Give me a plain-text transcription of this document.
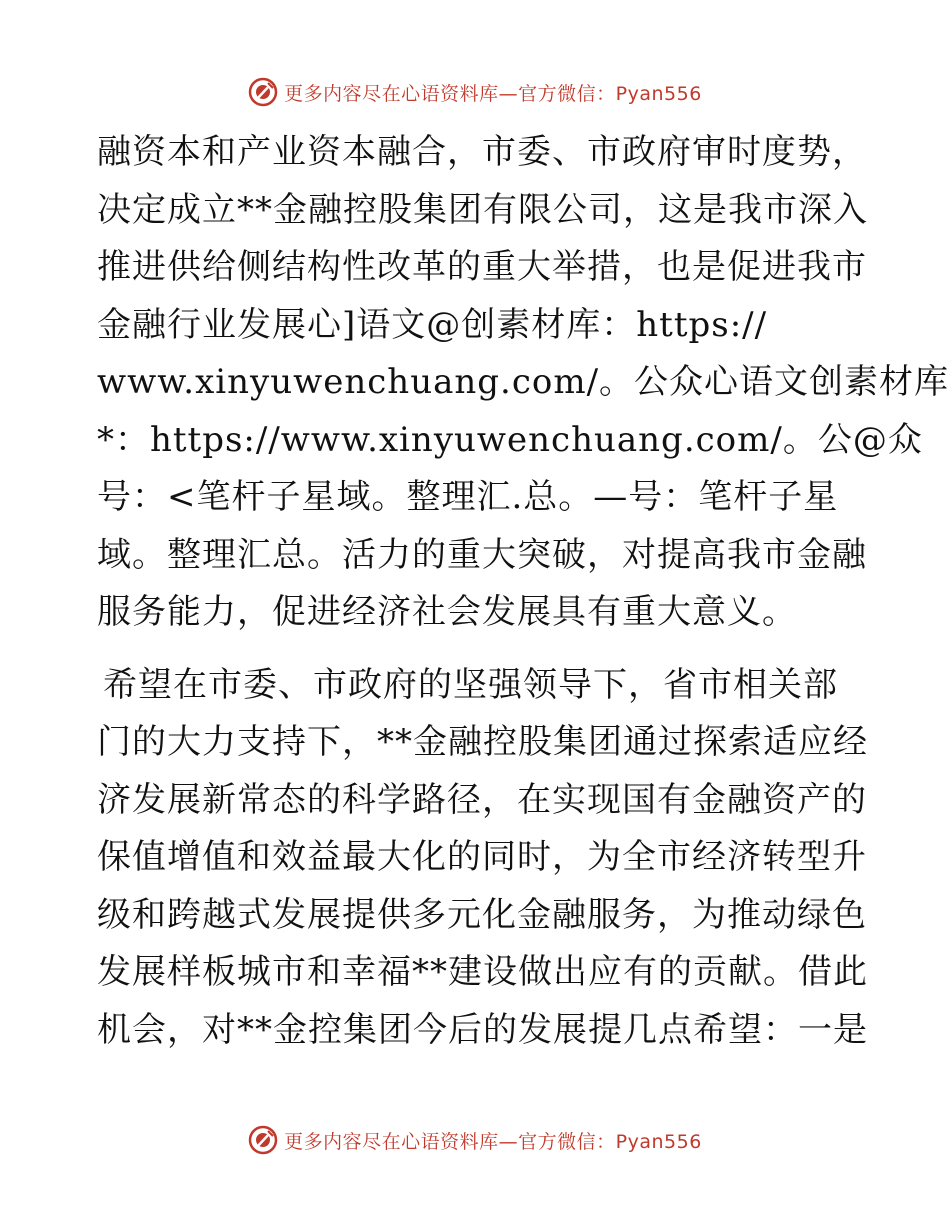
更多内容尽在心语资料库—官方微信：Pyan556
融资本和产业资本融合，市委、市政府审时度势，
决定成立**金融控股集团有限公司，这是我市深入
推进供给侧结构性改革的重大举措，也是促进我市
金融行业发展心]语文@创素材库：https://
www.xinyuwenchuang.com/。公众心语文创素材库
*：https://www.xinyuwenchuang.com/。公@众
号：<笔杆子星域。整理汇.总。—号：笔杆子星
域。整理汇总。活力的重大突破，对提高我市金融
服务能力，促进经济社会发展具有重大意义。
希望在市委、市政府的坚强领导下，省市相关部
门的大力支持下，**金融控股集团通过探索适应经
济发展新常态的科学路径，在实现国有金融资产的
保值增值和效益最大化的同时，为全市经济转型升
级和跨越式发展提供多元化金融服务，为推动绿色
发展样板城市和幸福**建设做出应有的贡献。借此
机会，对**金控集团今后的发展提几点希望：一是
更多内容尽在心语资料库—官方微信：Pyan556
